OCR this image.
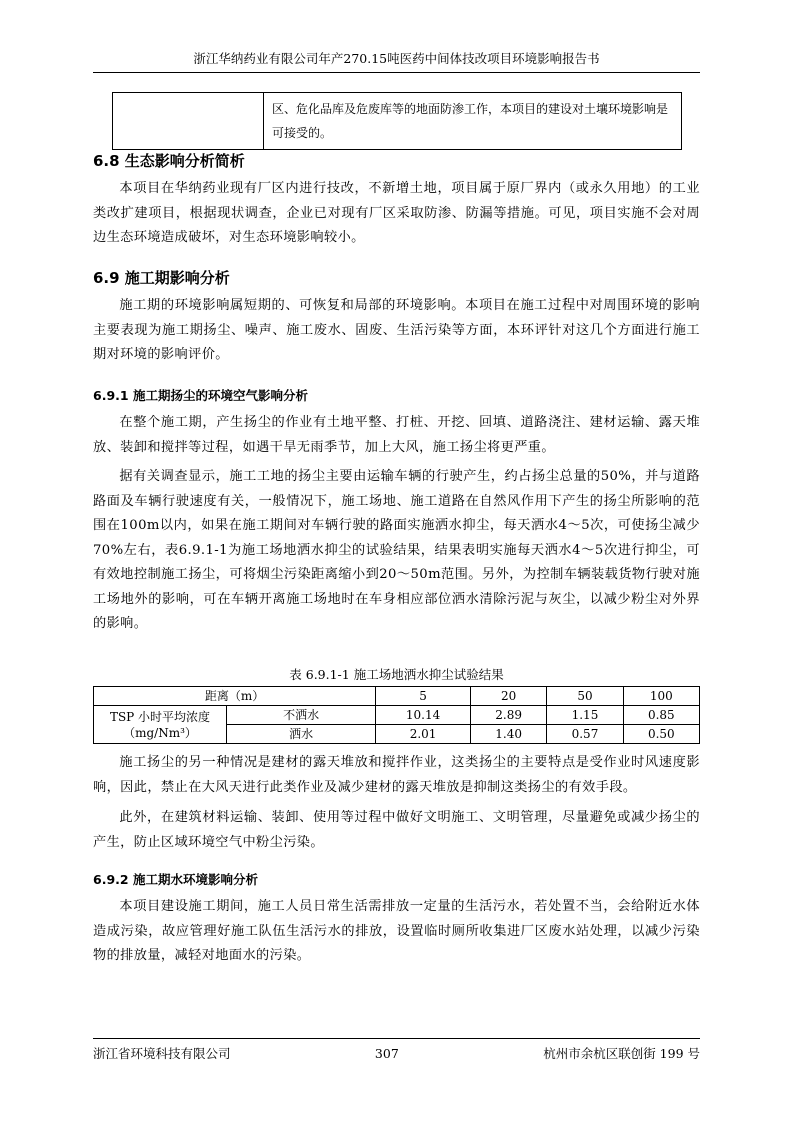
浙江华纳药业有限公司年产270.15吨医药中间体技改项目环境影响报告书
	区、危化品库及危废库等的地面防渗工作，本项目的建设对土壤环境影响是可接受的。
6.8 生态影响分析简析

本项目在华纳药业现有厂区内进行技改，不新增土地，项目属于原厂界内（或永久用地）的工业类改扩建项目，根据现状调查，企业已对现有厂区采取防渗、防漏等措施。可见，项目实施不会对周边生态环境造成破坏，对生态环境影响较小。

6.9 施工期影响分析

施工期的环境影响属短期的、可恢复和局部的环境影响。本项目在施工过程中对周围环境的影响主要表现为施工期扬尘、噪声、施工废水、固废、生活污染等方面，本环评针对这几个方面进行施工期对环境的影响评价。

6.9.1 施工期扬尘的环境空气影响分析

在整个施工期，产生扬尘的作业有土地平整、打桩、开挖、回填、道路浇注、建材运输、露天堆放、装卸和搅拌等过程，如遇干旱无雨季节，加上大风，施工扬尘将更严重。

据有关调查显示，施工工地的扬尘主要由运输车辆的行驶产生，约占扬尘总量的50%，并与道路路面及车辆行驶速度有关，一般情况下，施工场地、施工道路在自然风作用下产生的扬尘所影响的范围在100m以内，如果在施工期间对车辆行驶的路面实施洒水抑尘，每天洒水4～5次，可使扬尘减少70%左右，表6.9.1-1为施工场地洒水抑尘的试验结果，结果表明实施每天洒水4～5次进行抑尘，可有效地控制施工扬尘，可将烟尘污染距离缩小到20～50m范围。另外，为控制车辆装载货物行驶对施工场地外的影响，可在车辆开离施工场地时在车身相应部位洒水清除污泥与灰尘，以减少粉尘对外界的影响。

表 6.9.1-1 施工场地洒水抑尘试验结果
距离（m）		5	20	50	100
TSP 小时平均浓度
（mg/Nm³）	不洒水	10.14	2.89	1.15	0.85
	洒水	2.01	1.40	0.57	0.50

施工扬尘的另一种情况是建材的露天堆放和搅拌作业，这类扬尘的主要特点是受作业时风速度影响，因此，禁止在大风天进行此类作业及减少建材的露天堆放是抑制这类扬尘的有效手段。

此外，在建筑材料运输、装卸、使用等过程中做好文明施工、文明管理，尽量避免或减少扬尘的产生，防止区域环境空气中粉尘污染。

6.9.2 施工期水环境影响分析

本项目建设施工期间，施工人员日常生活需排放一定量的生活污水，若处置不当，会给附近水体造成污染，故应管理好施工队伍生活污水的排放，设置临时厕所收集进厂区废水站处理，以减少污染物的排放量，减轻对地面水的污染。

浙江省环境科技有限公司	307	杭州市余杭区联创街 199 号
